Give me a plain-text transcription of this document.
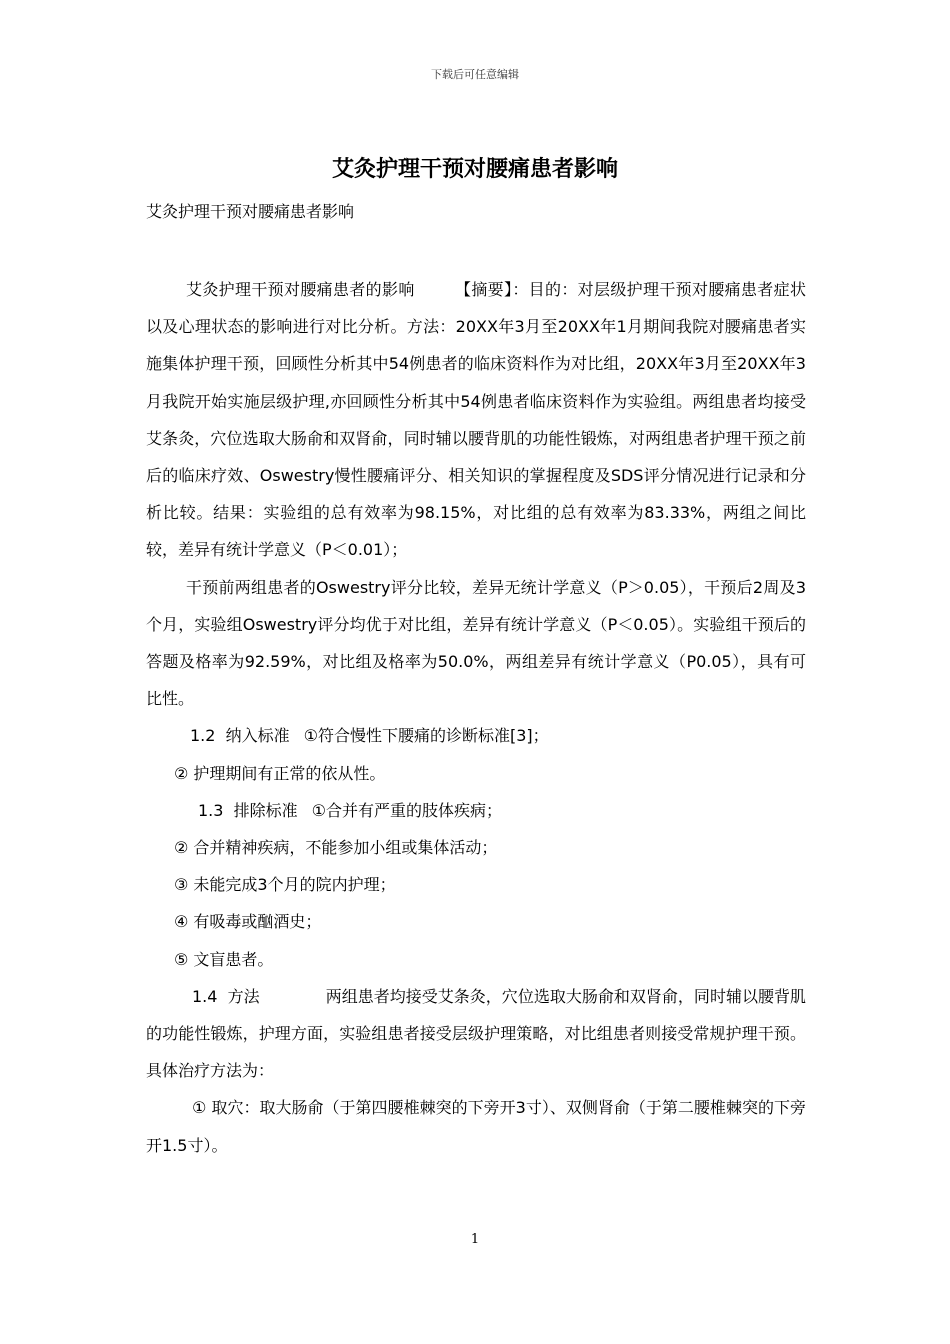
下载后可任意编辑
艾灸护理干预对腰痛患者影响
艾灸护理干预对腰痛患者影响

艾灸护理干预对腰痛患者的影响	【摘要】：目的：对层级护理干预对腰痛患者症状以及心理状态的影响进行对比分析。方法：20XX年3月至20XX年1月期间我院对腰痛患者实施集体护理干预，回顾性分析其中54例患者的临床资料作为对比组，20XX年3月至20XX年3月我院开始实施层级护理,亦回顾性分析其中54例患者临床资料作为实验组。两组患者均接受艾条灸，穴位选取大肠俞和双肾俞，同时辅以腰背肌的功能性锻炼，对两组患者护理干预之前后的临床疗效、Oswestry慢性腰痛评分、相关知识的掌握程度及SDS评分情况进行记录和分析比较。结果：实验组的总有效率为98.15%，对比组的总有效率为83.33%，两组之间比较，差异有统计学意义（P＜0.01）；

干预前两组患者的Oswestry评分比较，差异无统计学意义（P＞0.05），干预后2周及3个月，实验组Oswestry评分均优于对比组，差异有统计学意义（P＜0.05）。实验组干预后的答题及格率为92.59%，对比组及格率为50.0%，两组差异有统计学意义（P0.05），具有可比性。

1.2 纳入标准 ①符合慢性下腰痛的诊断标准[3]；

② 护理期间有正常的依从性。

1.3 排除标准 ①合并有严重的肢体疾病；

② 合并精神疾病，不能参加小组或集体活动；

③ 未能完成3个月的院内护理；

④ 有吸毒或酗酒史；

⑤ 文盲患者。

1.4 方法	两组患者均接受艾条灸，穴位选取大肠俞和双肾俞，同时辅以腰背肌的功能性锻炼，护理方面，实验组患者接受层级护理策略，对比组患者则接受常规护理干预。具体治疗方法为：

① 取穴：取大肠俞（于第四腰椎棘突的下旁开3寸）、双侧肾俞（于第二腰椎棘突的下旁开1.5寸）。

1
